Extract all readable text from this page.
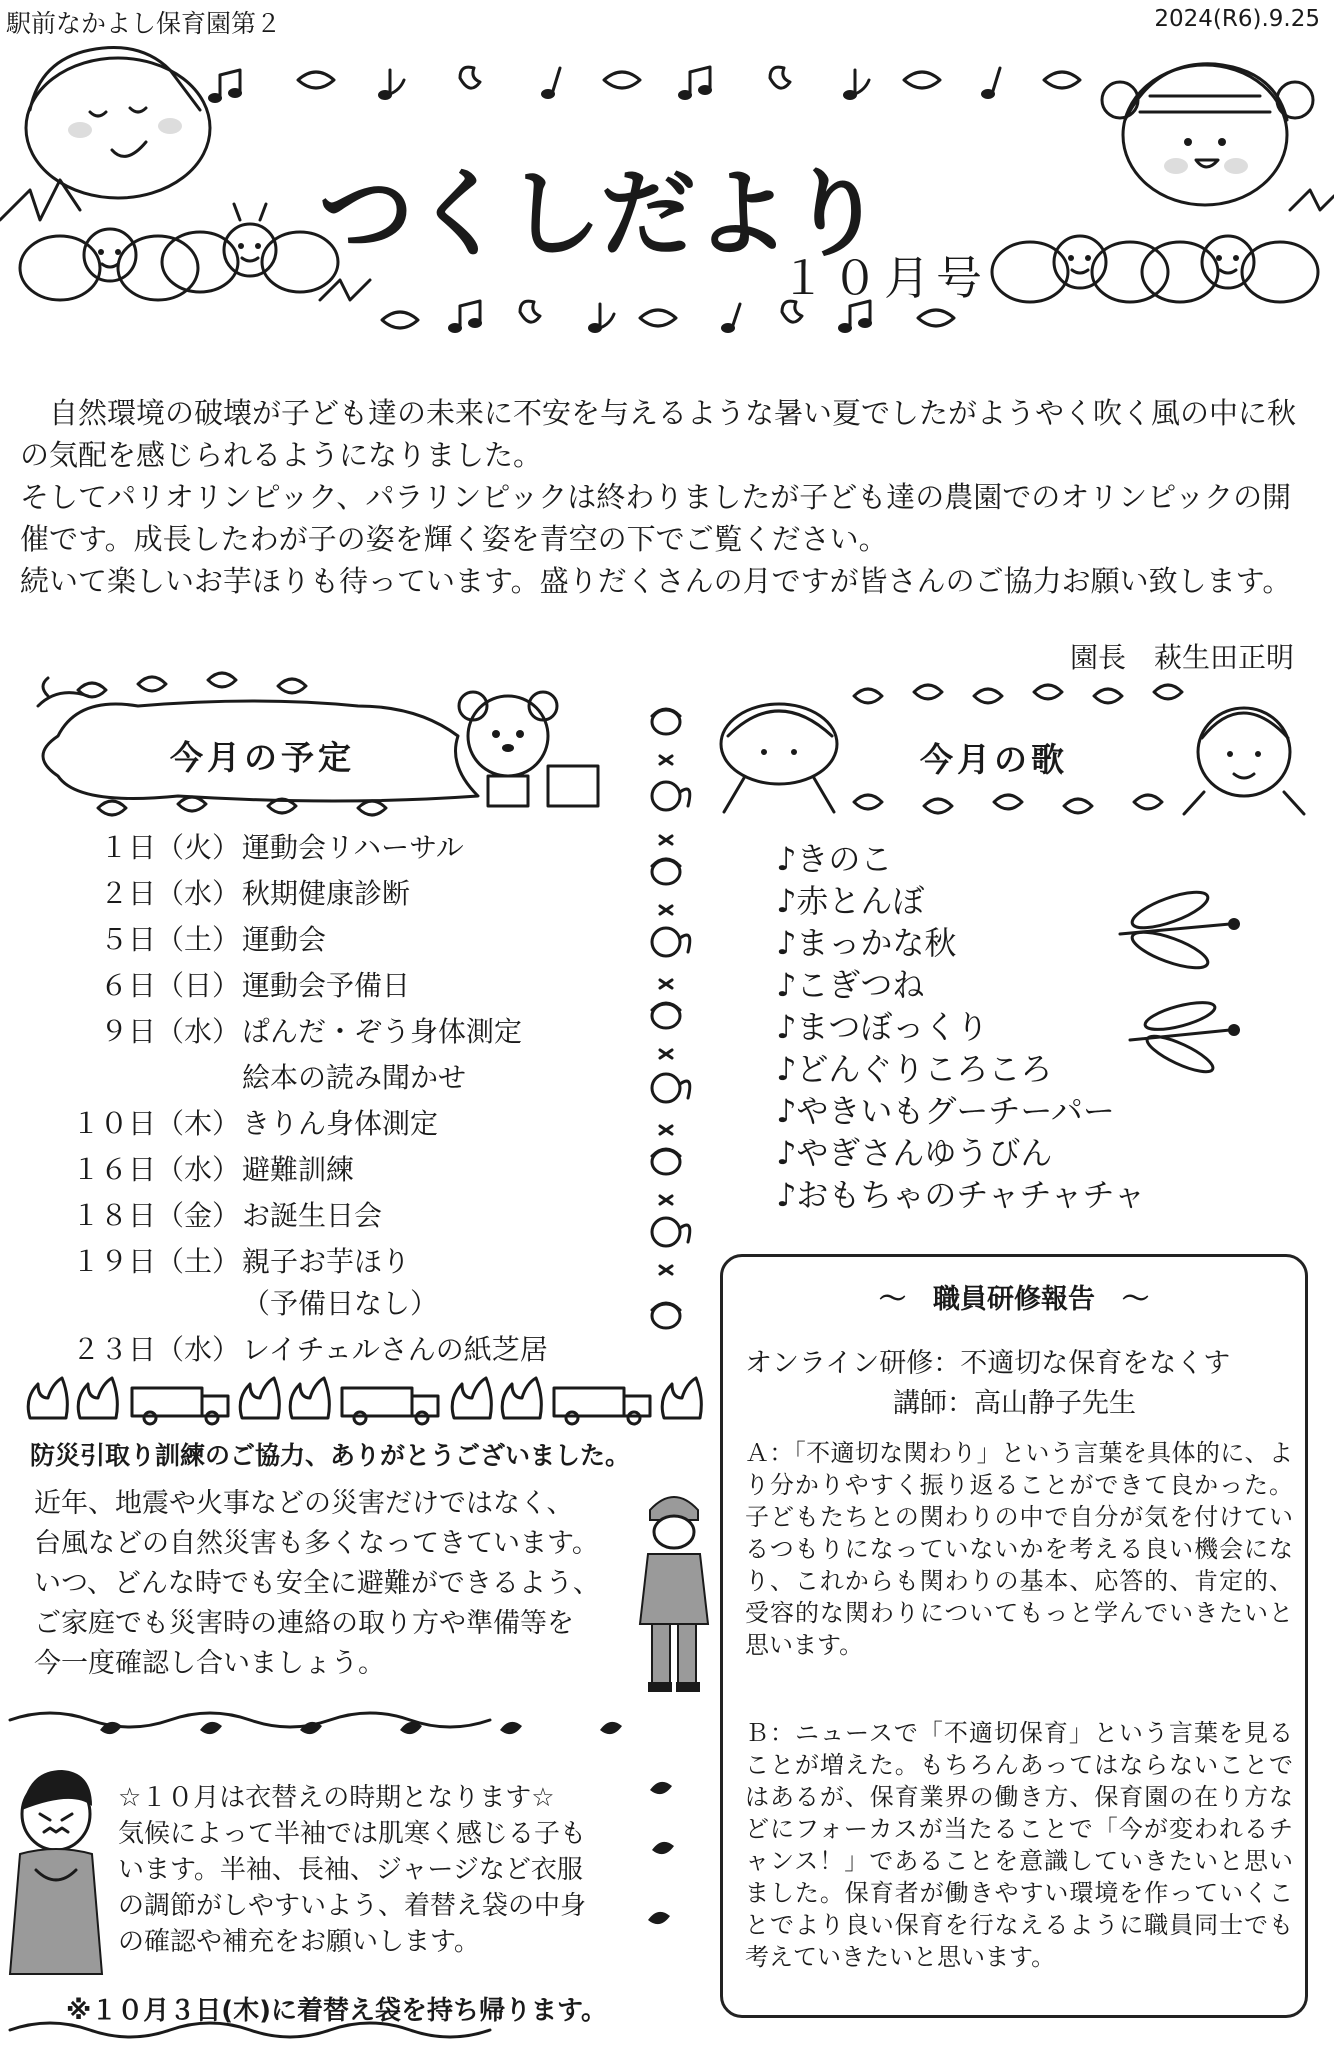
駅前なかよし保育園第２	2024(R6).9.25
つくしだより
１０月号

　自然環境の破壊が子ども達の未来に不安を与えるような暑い夏でしたがようやく吹く風の中に秋の気配を感じられるようになりました。

そしてパリオリンピック、パラリンピックは終わりましたが子ども達の農園でのオリンピックの開催です。成長したわが子の姿を輝く姿を青空の下でご覧ください。

続いて楽しいお芋ほりも待っています。盛りだくさんの月ですが皆さんのご協力お願い致します。

園長　萩生田正明
今月の予定
１日（火） 運動会リハーサル
２日（水） 秋期健康診断
５日（土） 運動会
６日（日） 運動会予備日
９日（水） ぱんだ・ぞう身体測定
絵本の読み聞かせ
１０日（木） きりん身体測定
１６日（水） 避難訓練
１８日（金） お誕生日会
１９日（土） 親子お芋ほり
（予備日なし）
２３日（水） レイチェルさんの紙芝居
今月の歌
♪きのこ
♪赤とんぼ
♪まっかな秋
♪こぎつね
♪まつぼっくり
♪どんぐりころころ
♪やきいもグーチーパー
♪やぎさんゆうびん
♪おもちゃのチャチャチャ
防災引取り訓練のご協力、ありがとうございました。
近年、地震や火事などの災害だけではなく、
台風などの自然災害も多くなってきています。
いつ、どんな時でも安全に避難ができるよう、
ご家庭でも災害時の連絡の取り方や準備等を
今一度確認し合いましょう。
☆１０月は衣替えの時期となります☆
気候によって半袖では肌寒く感じる子も
います。半袖、長袖、ジャージなど衣服
の調節がしやすいよう、着替え袋の中身
の確認や補充をお願いします。
※１０月３日(木)に着替え袋を持ち帰ります。
～　職員研修報告　～
オンライン研修：不適切な保育をなくす
講師：高山静子先生
Ａ：「不適切な関わり」という言葉を具体的に、より分かりやすく振り返ることができて良かった。子どもたちとの関わりの中で自分が気を付けているつもりになっていないかを考える良い機会になり、これからも関わりの基本、応答的、肯定的、受容的な関わりについてもっと学んでいきたいと思います。
Ｂ：ニュースで「不適切保育」という言葉を見ることが増えた。もちろんあってはならないことではあるが、保育業界の働き方、保育園の在り方などにフォーカスが当たることで「今が変われるチャンス！」であることを意識していきたいと思いました。保育者が働きやすい環境を作っていくことでより良い保育を行なえるように職員同士でも考えていきたいと思います。
